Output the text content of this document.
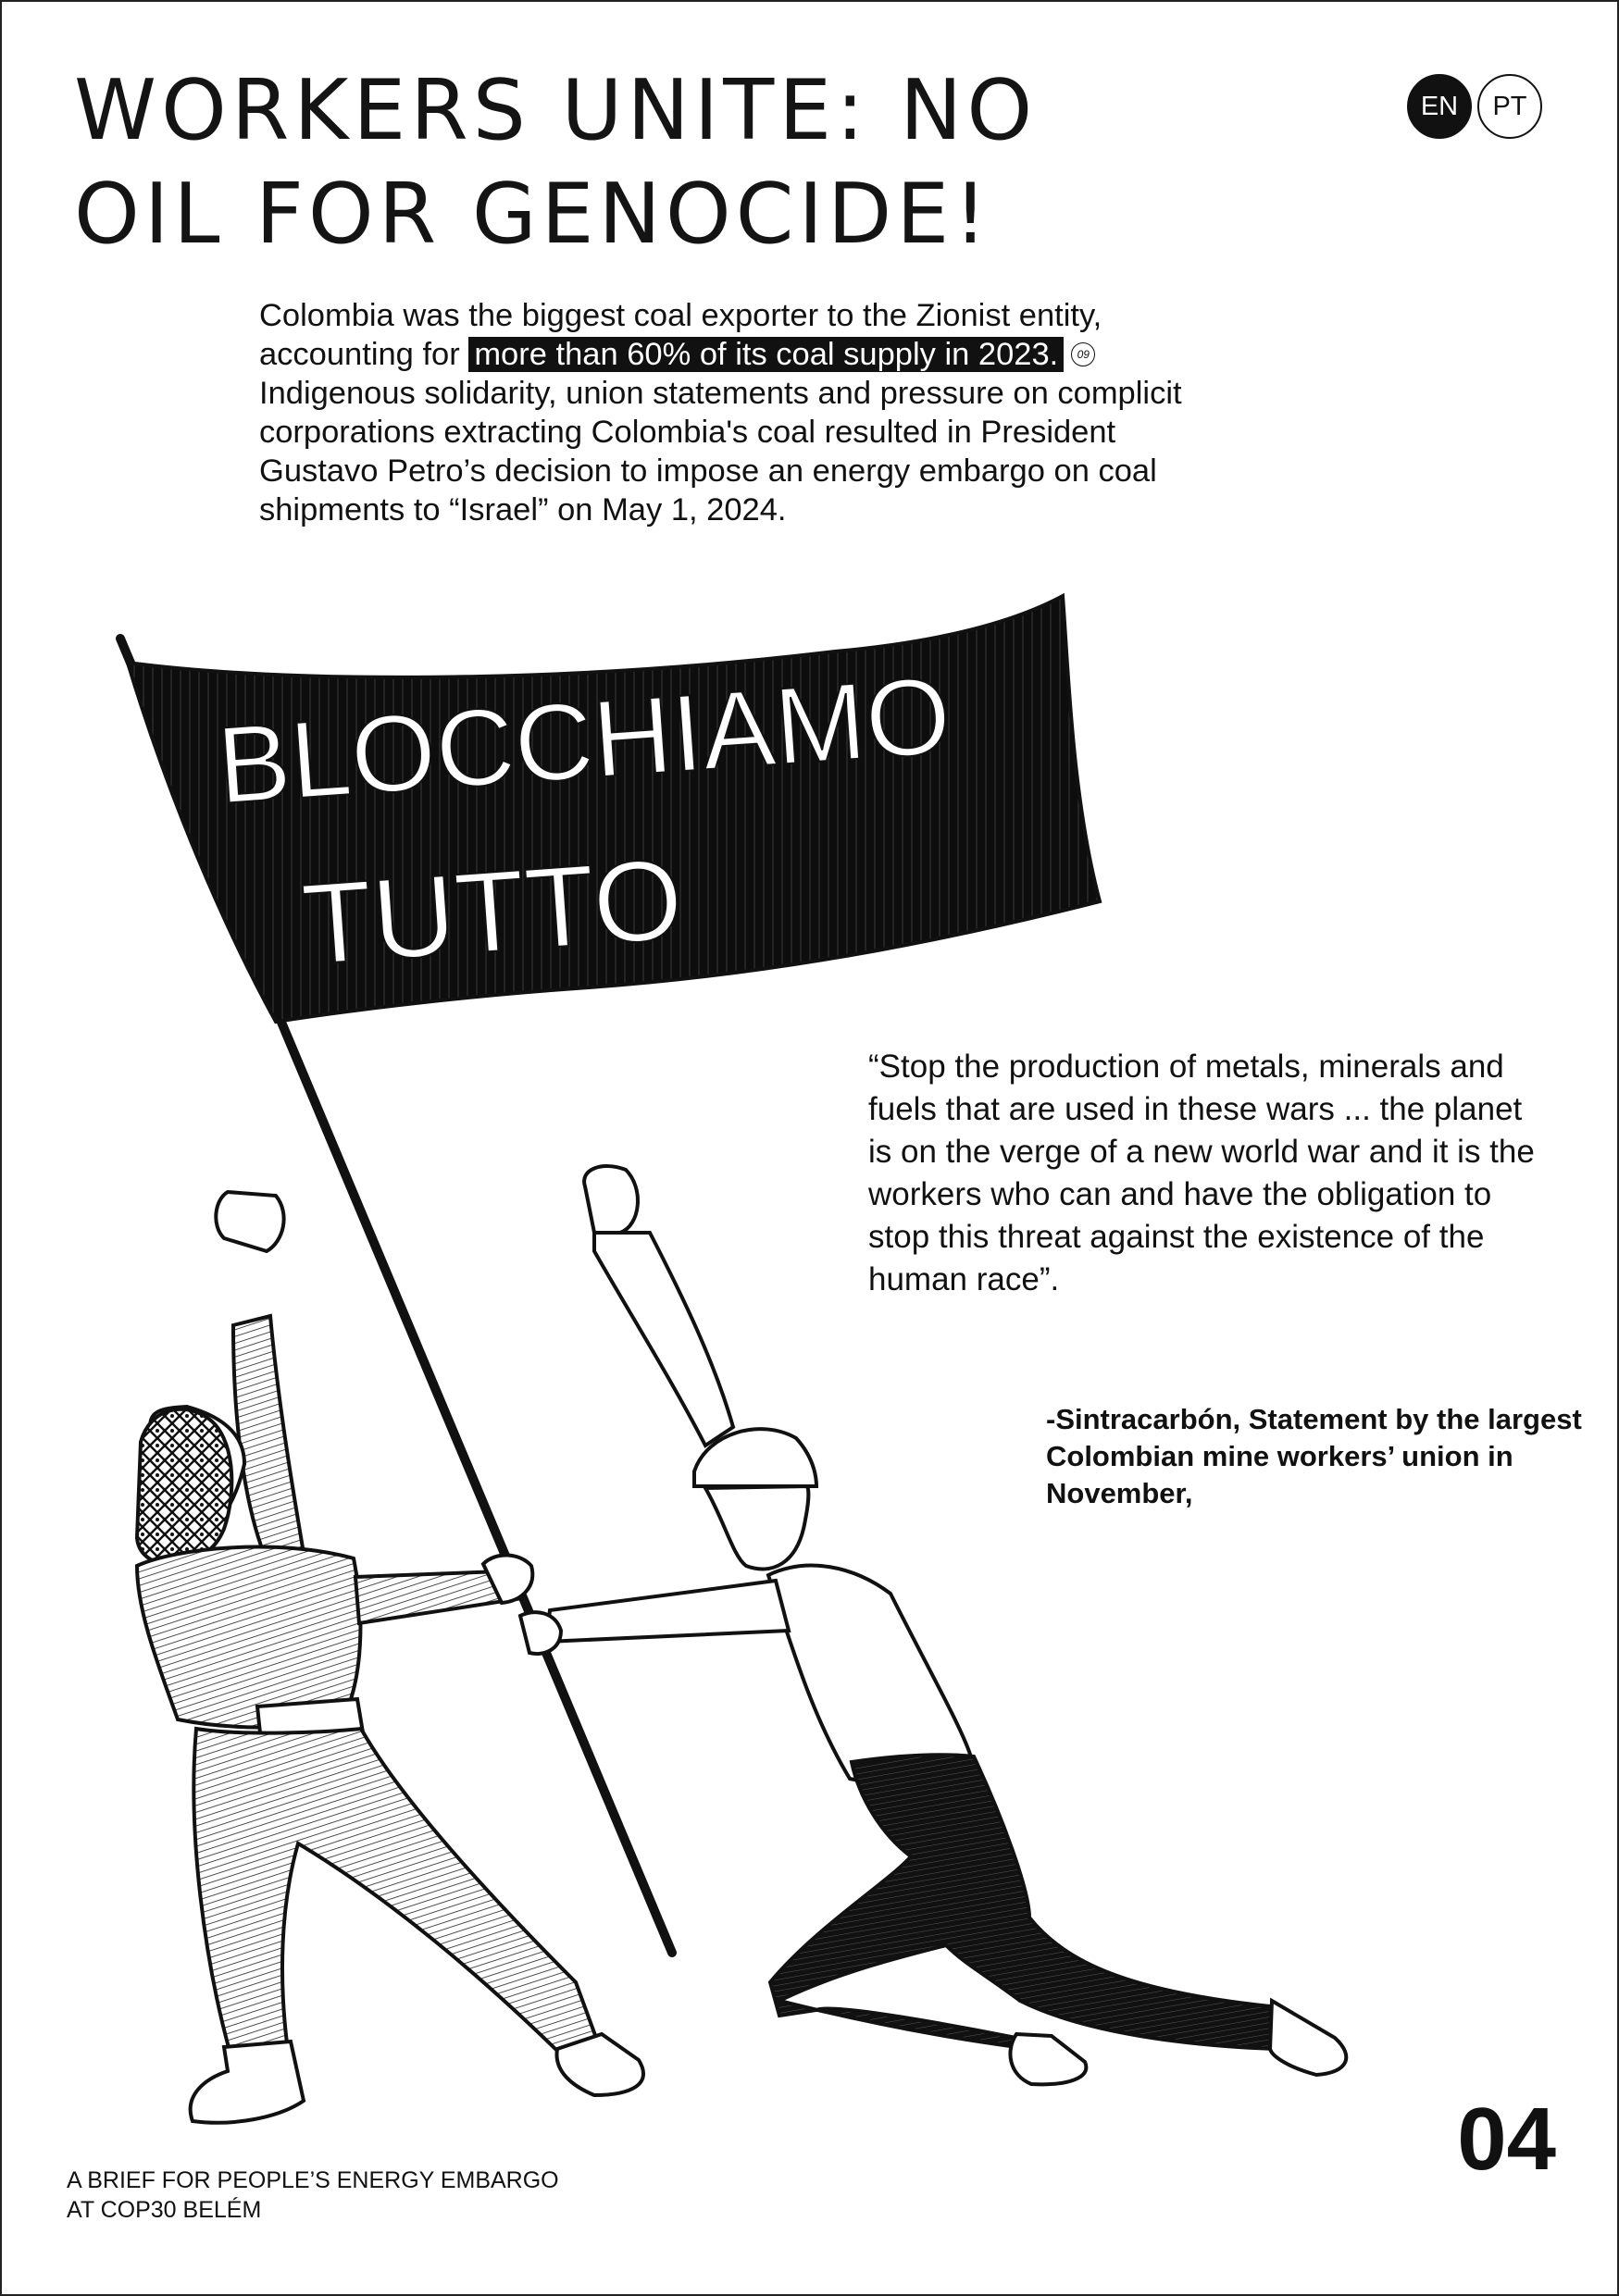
WORKERS UNITE: NO
OIL FOR GENOCIDE!
EN	PT

Colombia was the biggest coal exporter to the Zionist entity, accounting for more than 60% of its coal supply in 2023. 09Indigenous solidarity, union statements and pressure on complicit corporations extracting Colombia's coal resulted in President Gustavo Petro’s decision to impose an energy embargo on coal shipments to “Israel” on May 1, 2024.

BLOCCHIAMO
TUTTO

“Stop the production of metals, minerals and fuels that are used in these wars ... the planet is on the verge of a new world war and it is the workers who can and have the obligation to stop this threat against the existence of the human race”.

-Sintracarbón, Statement by the largest Colombian mine workers’ union in November,

A BRIEF FOR PEOPLE’S ENERGY EMBARGO
AT COP30 BELÉM
04
